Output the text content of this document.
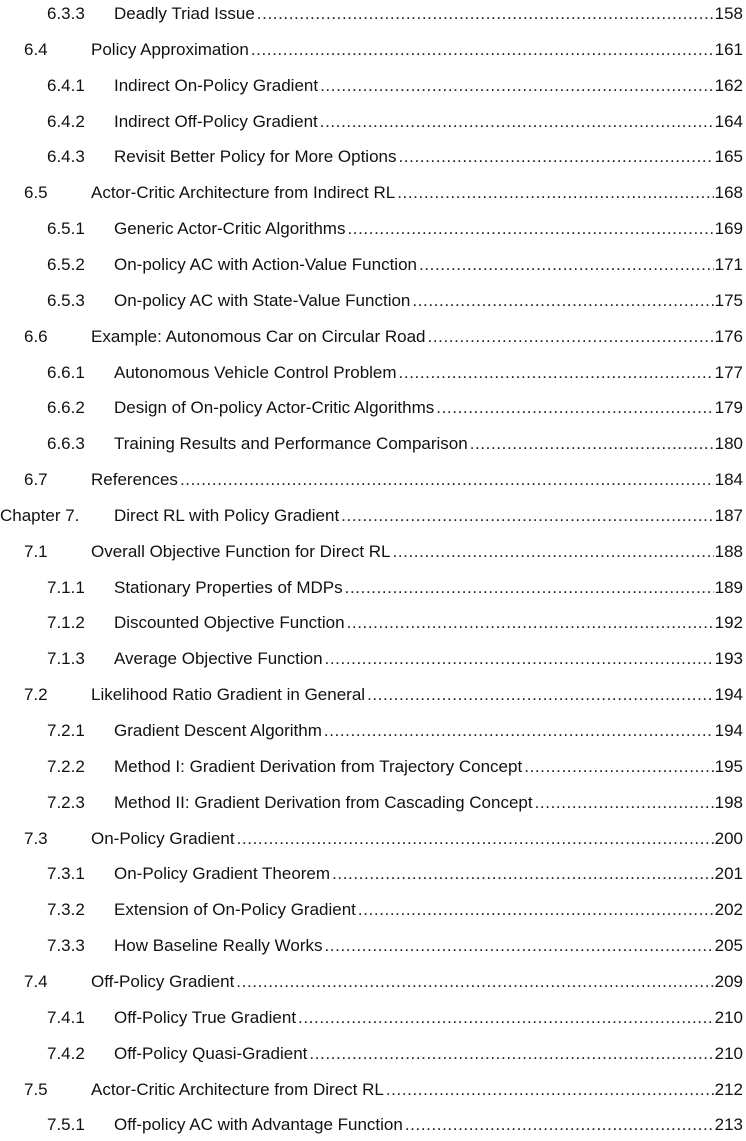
6.3.3 Deadly Triad Issue .....	158
6.4	Policy Approximation .....	161
6.4.1 Indirect On-Policy Gradient .....	162
6.4.2 Indirect Off-Policy Gradient .....	164
6.4.3 Revisit Better Policy for More Options .....	165
6.5	Actor-Critic Architecture from Indirect RL .....	168
6.5.1 Generic Actor-Critic Algorithms .....	169
6.5.2 On-policy AC with Action-Value Function .....	171
6.5.3 On-policy AC with State-Value Function .....	175
6.6	Example: Autonomous Car on Circular Road .....	176
6.6.1 Autonomous Vehicle Control Problem .....	177
6.6.2 Design of On-policy Actor-Critic Algorithms .....	179
6.6.3 Training Results and Performance Comparison .....	180
6.7	References .....	184
Chapter 7. Direct RL with Policy Gradient .....	187
7.1	Overall Objective Function for Direct RL .....	188
7.1.1 Stationary Properties of MDPs .....	189
7.1.2 Discounted Objective Function .....	192
7.1.3 Average Objective Function .....	193
7.2	Likelihood Ratio Gradient in General .....	194
7.2.1 Gradient Descent Algorithm .....	194
7.2.2 Method I: Gradient Derivation from Trajectory Concept .....	195
7.2.3 Method II: Gradient Derivation from Cascading Concept .....	198
7.3	On-Policy Gradient .....	200
7.3.1 On-Policy Gradient Theorem .....	201
7.3.2 Extension of On-Policy Gradient .....	202
7.3.3 How Baseline Really Works .....	205
7.4	Off-Policy Gradient .....	209
7.4.1 Off-Policy True Gradient .....	210
7.4.2 Off-Policy Quasi-Gradient .....	210
7.5	Actor-Critic Architecture from Direct RL .....	212
7.5.1 Off-policy AC with Advantage Function .....	213
